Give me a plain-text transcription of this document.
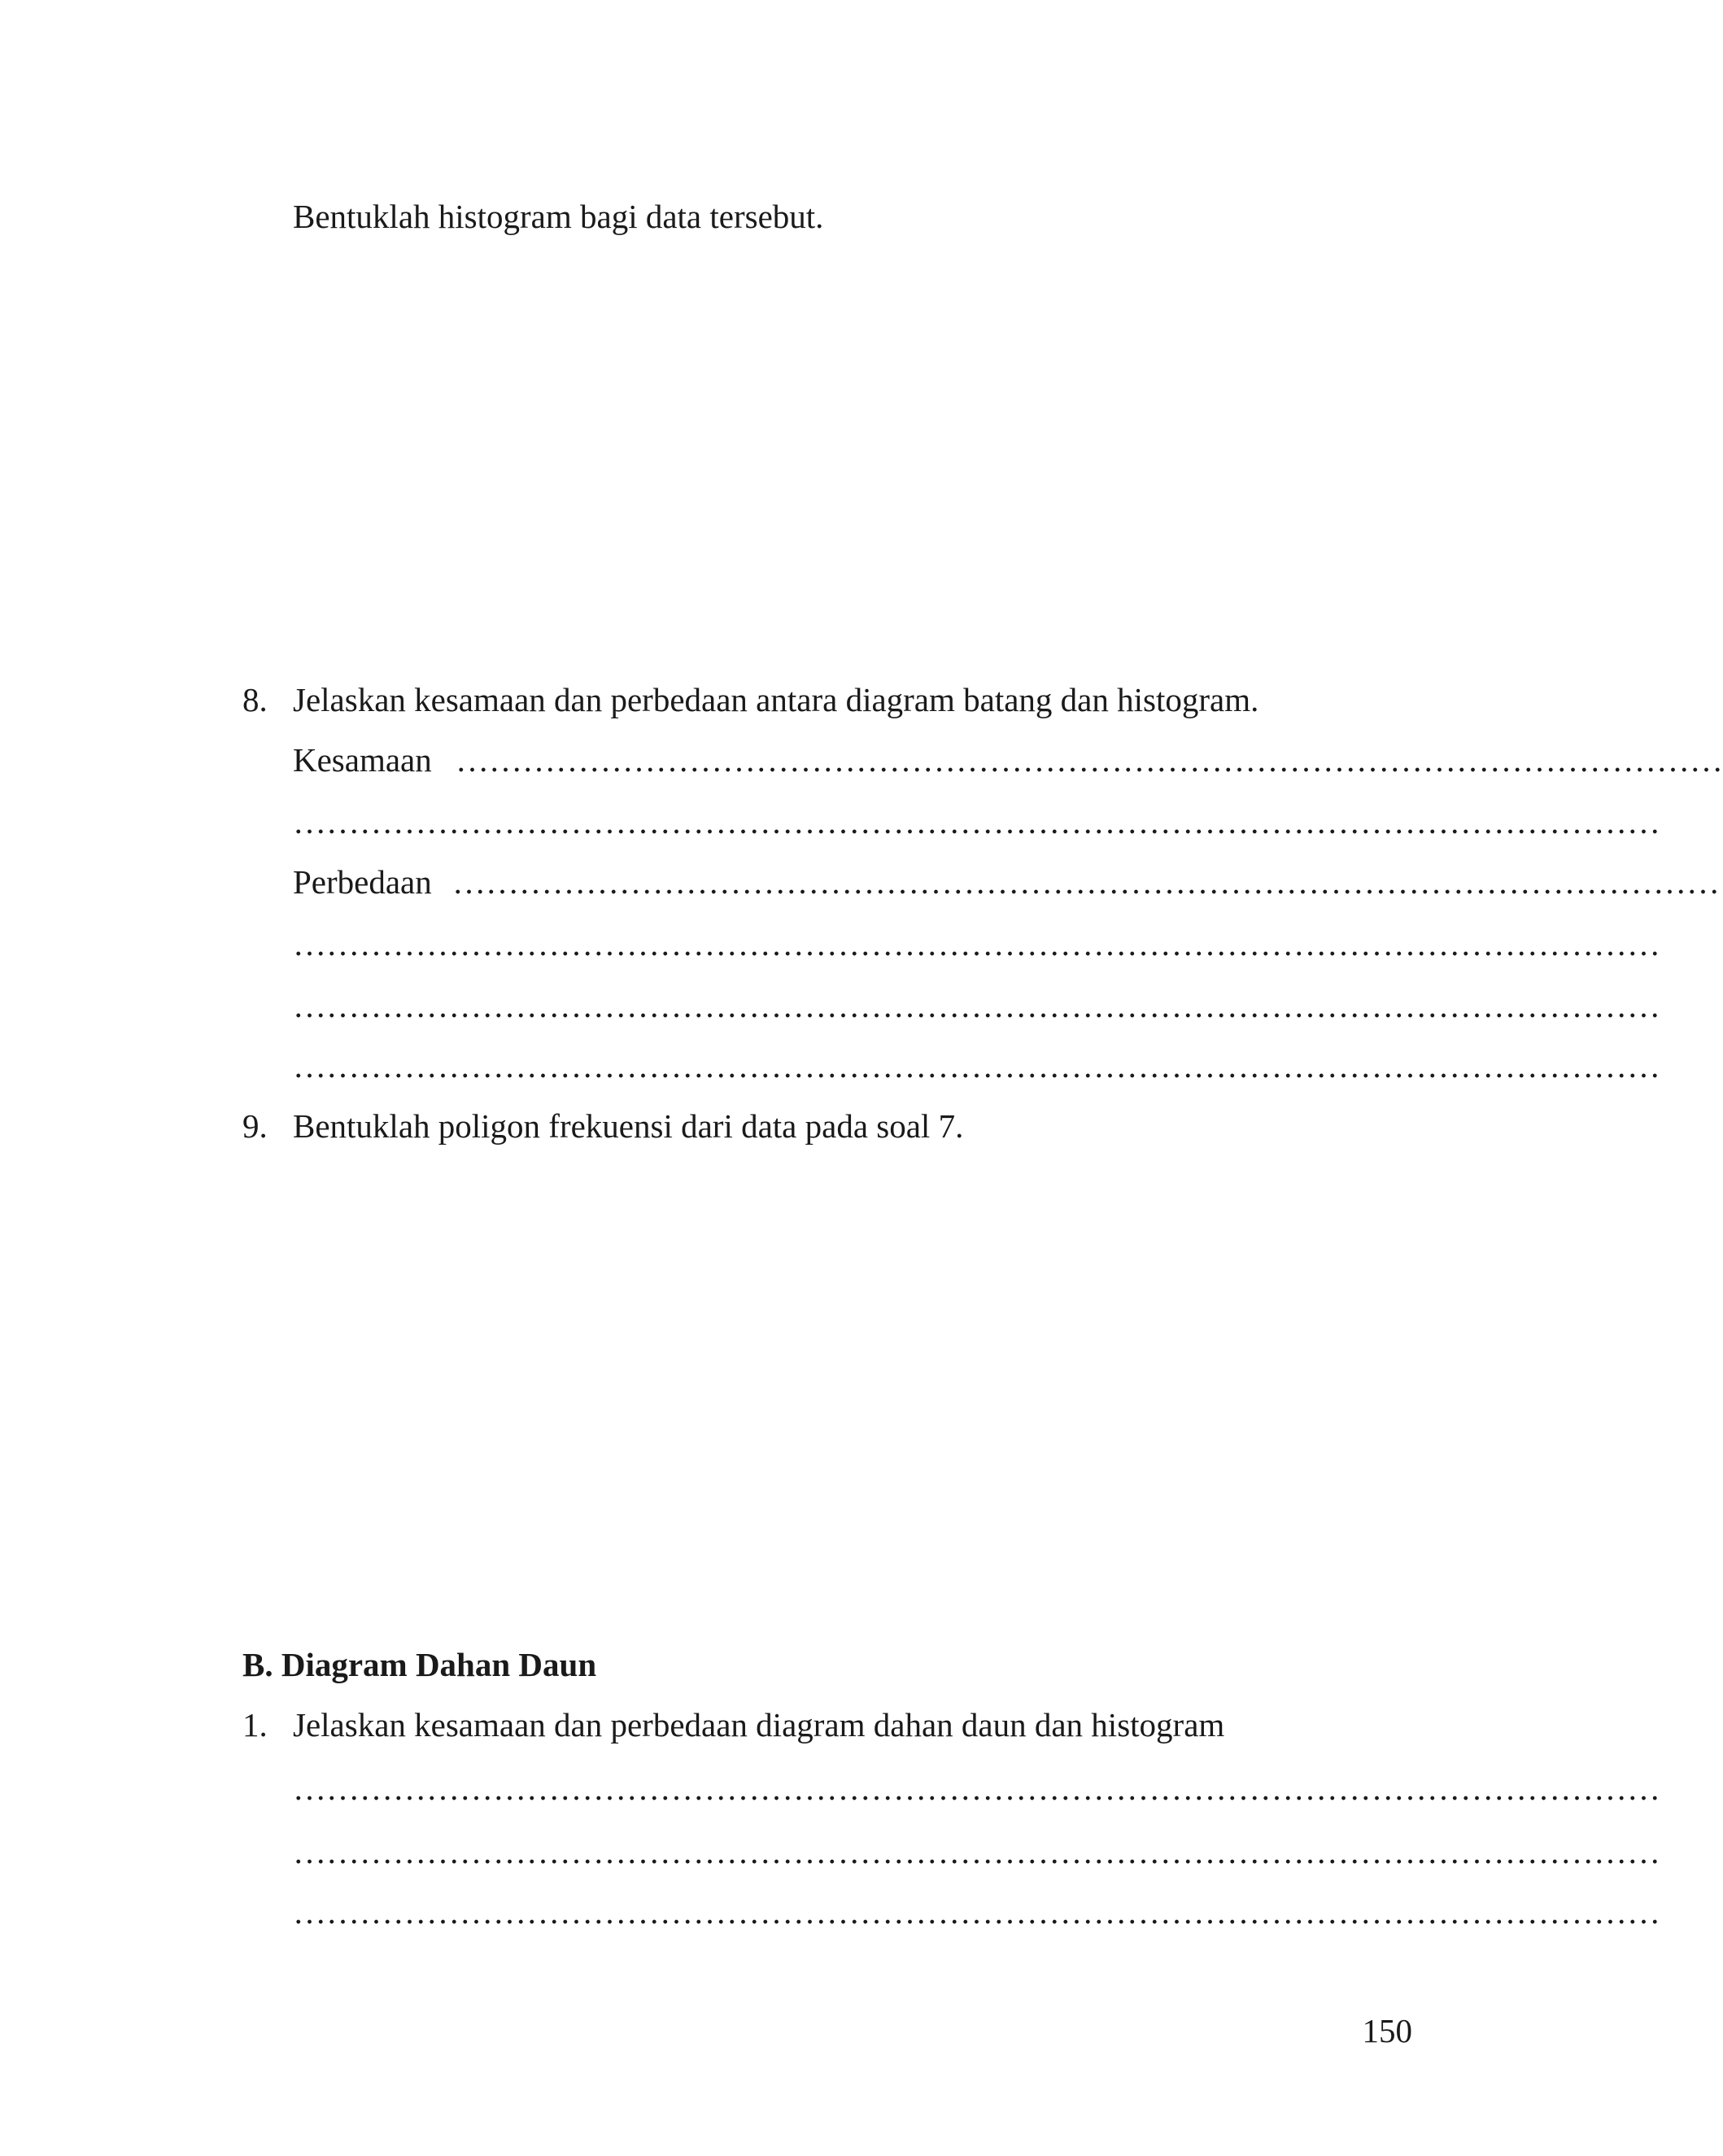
Bentuklah histogram bagi data tersebut.
8. Jelaskan kesamaan dan perbedaan antara diagram batang dan histogram.
Kesamaan ……………………………………………………………………………………………………
……………………………………………………………………………………………………………
Perbedaan ……………………………………………………………………………………………………
……………………………………………………………………………………………………………
……………………………………………………………………………………………………………
……………………………………………………………………………………………………………
9. Bentuklah poligon frekuensi dari data pada soal 7.
B. Diagram Dahan Daun
1. Jelaskan kesamaan dan perbedaan diagram dahan daun dan histogram
……………………………………………………………………………………………………………
……………………………………………………………………………………………………………
……………………………………………………………………………………………………………
150
